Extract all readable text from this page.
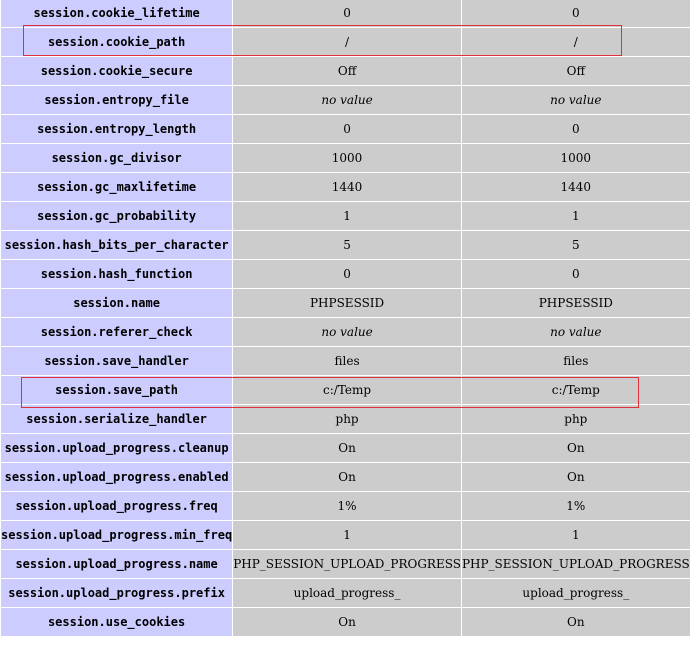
session.cookie_lifetime	0	0
session.cookie_path	/	/
session.cookie_secure	Off	Off
session.entropy_file	no value	no value
session.entropy_length	0	0
session.gc_divisor	1000	1000
session.gc_maxlifetime	1440	1440
session.gc_probability	1	1
session.hash_bits_per_character	5	5
session.hash_function	0	0
session.name	PHPSESSID	PHPSESSID
session.referer_check	no value	no value
session.save_handler	files	files
session.save_path	c:/Temp	c:/Temp
session.serialize_handler	php	php
session.upload_progress.cleanup	On	On
session.upload_progress.enabled	On	On
session.upload_progress.freq	1%	1%
session.upload_progress.min_freq	1	1
session.upload_progress.name	PHP_SESSION_UPLOAD_PROGRESS	PHP_SESSION_UPLOAD_PROGRESS
session.upload_progress.prefix	upload_progress_	upload_progress_
session.use_cookies	On	On
